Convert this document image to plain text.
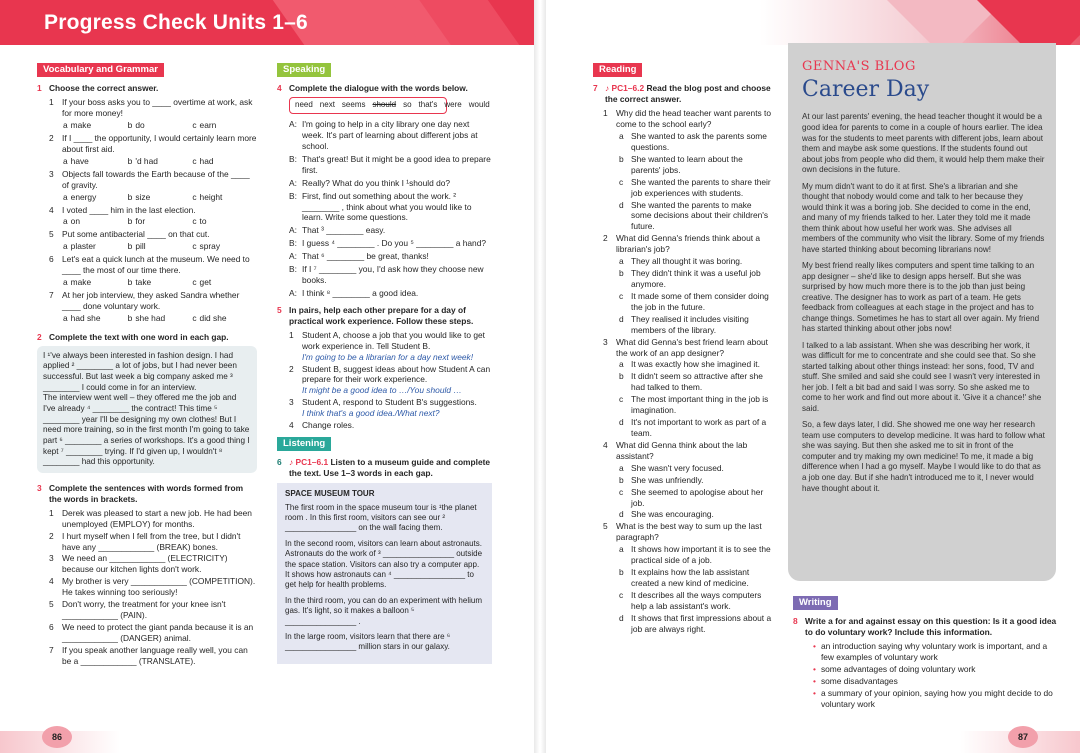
Progress Check Units 1–6
Vocabulary and Grammar
1 Choose the correct answer.
1 If your boss asks you to ____ overtime at work, ask for more money!
a make	b do	c earn
2 If I ____ the opportunity, I would certainly learn more about first aid.
a have	b 'd had	c had
3 Objects fall towards the Earth because of the ____ of gravity.
a energy	b size	c height
4 I voted ____ him in the last election.
a on	b for	c to
5 Put some antibacterial ____ on that cut.
a plaster	b pill	c spray
6 Let's eat a quick lunch at the museum. We need to ____ the most of our time there.
a make	b take	c get
7 At her job interview, they asked Sandra whether ____ done voluntary work.
a had she	b she had	c did she
2 Complete the text with one word in each gap.
I ¹'ve always been interested in fashion design. I had applied ² ________ a lot of jobs, but I had never been successful. But last week a big company asked me ³ ________ I could come in for an interview.
The interview went well – they offered me the job and I've already ⁴ ________ the contract! This time ⁵ ________ year I'll be designing my own clothes! But I need more training, so in the first month I'm going to take part ⁶ ________ a series of workshops. It's a good thing I kept ⁷ ________ trying. If I'd given up, I wouldn't ⁸ ________ had this opportunity.
3 Complete the sentences with words formed from the words in brackets.
1 Derek was pleased to start a new job. He had been unemployed (EMPLOY) for months.
2 I hurt myself when I fell from the tree, but I didn't have any ____________ (BREAK) bones.
3 We need an ____________ (ELECTRICITY) because our kitchen lights don't work.
4 My brother is very ____________ (COMPETITION). He takes winning too seriously!
5 Don't worry, the treatment for your knee isn't ____________ (PAIN).
6 We need to protect the giant panda because it is an ____________ (DANGER) animal.
7 If you speak another language really well, you can be a ____________ (TRANSLATE).
Speaking
4 Complete the dialogue with the words below.
need next seems should so that's were would
A: I'm going to help in a city library one day next week. It's part of learning about different jobs at school.
B: That's great! But it might be a good idea to prepare first.
A: Really? What do you think I ¹should do?
B: First, find out something about the work. ² ________ , think about what you would like to learn. Write some questions.
A: That ³ ________ easy.
B: I guess ⁴ ________ . Do you ⁵ ________ a hand?
A: That ⁶ ________ be great, thanks!
B: If I ⁷ ________ you, I'd ask how they choose new books.
A: I think ⁸ ________ a good idea.
5 In pairs, help each other prepare for a day of practical work experience. Follow these steps.
1 Student A, choose a job that you would like to get work experience in. Tell Student B.
I'm going to be a librarian for a day next week!
2 Student B, suggest ideas about how Student A can prepare for their work experience.
It might be a good idea to …/You should …
3 Student A, respond to Student B's suggestions.
I think that's a good idea./What next?
4 Change roles.
Listening
6 ♪ PC1–6.1 Listen to a museum guide and complete the text. Use 1–3 words in each gap.
SPACE MUSEUM TOUR

The first room in the space museum tour is ¹the planet room . In this first room, visitors can see our ² ________________ on the wall facing them.

In the second room, visitors can learn about astronauts. Astronauts do the work of ³ ________________ outside the space station. Visitors can also try a computer app. It shows how astronauts can ⁴ ________________ to get help for health problems.

In the third room, you can do an experiment with helium gas. It's light, so it makes a balloon ⁵ ________________ .

In the large room, visitors learn that there are ⁶ ________________ million stars in our galaxy.

86
Reading
7 ♪ PC1–6.2 Read the blog post and choose the correct answer.
1 Why did the head teacher want parents to come to the school early?
a She wanted to ask the parents some questions.
b She wanted to learn about the parents' jobs.
c She wanted the parents to share their job experiences with students.
d She wanted the parents to make some decisions about their children's future.
2 What did Genna's friends think about a librarian's job?
a They all thought it was boring.
b They didn't think it was a useful job anymore.
c It made some of them consider doing the job in the future.
d They realised it includes visiting members of the library.
3 What did Genna's best friend learn about the work of an app designer?
a It was exactly how she imagined it.
b It didn't seem so attractive after she had talked to them.
c The most important thing in the job is imagination.
d It's not important to work as part of a team.
4 What did Genna think about the lab assistant?
a She wasn't very focused.
b She was unfriendly.
c She seemed to apologise about her job.
d She was encouraging.
5 What is the best way to sum up the last paragraph?
a It shows how important it is to see the practical side of a job.
b It explains how the lab assistant created a new kind of medicine.
c It describes all the ways computers help a lab assistant's work.
d It shows that first impressions about a job are always right.
GENNA'S BLOG
Career Day

At our last parents' evening, the head teacher thought it would be a good idea for parents to come in a couple of hours earlier. The idea was for the students to meet parents with different jobs, learn about them and maybe ask some questions. If the students found out about jobs from people who did them, it would help them make their own decisions in the future.

My mum didn't want to do it at first. She's a librarian and she thought that nobody would come and talk to her because they would think it was a boring job. She decided to come in the end, and many of my friends talked to her. Later they told me it made them think about how useful her work was. She advises all members of the community who visit the library. Some of my friends have started thinking about becoming librarians now!

My best friend really likes computers and spent time talking to an app designer – she'd like to design apps herself. But she was surprised by how much more there is to the job than just being creative. The designer has to work as part of a team. He gets feedback from colleagues at each stage in the project and has to change things. Sometimes he has to start all over again. My friend has started thinking about other jobs now!

I talked to a lab assistant. When she was describing her work, it was difficult for me to concentrate and she could see that. So she started talking about other things instead: her sons, food, TV and stuff. She smiled and said she could see I wasn't very interested in her job. I felt a bit bad and said I was sorry. So she asked me to come to her work and find out more about it. 'Give it a chance!' she said.

So, a few days later, I did. She showed me one way her research team use computers to develop medicine. It was hard to follow what she was saying. But then she asked me to sit in front of the computer and try making my own medicine! To me, it made a big difference when I had a go myself. Maybe I would like to do that as a job one day. But if she hadn't introduced me to it, I never would have thought about it.

Writing
8 Write a for and against essay on this question: Is it a good idea to do voluntary work? Include this information.
• an introduction saying why voluntary work is important, and a few examples of voluntary work
• some advantages of doing voluntary work
• some disadvantages
• a summary of your opinion, saying how you might decide to do voluntary work
87
